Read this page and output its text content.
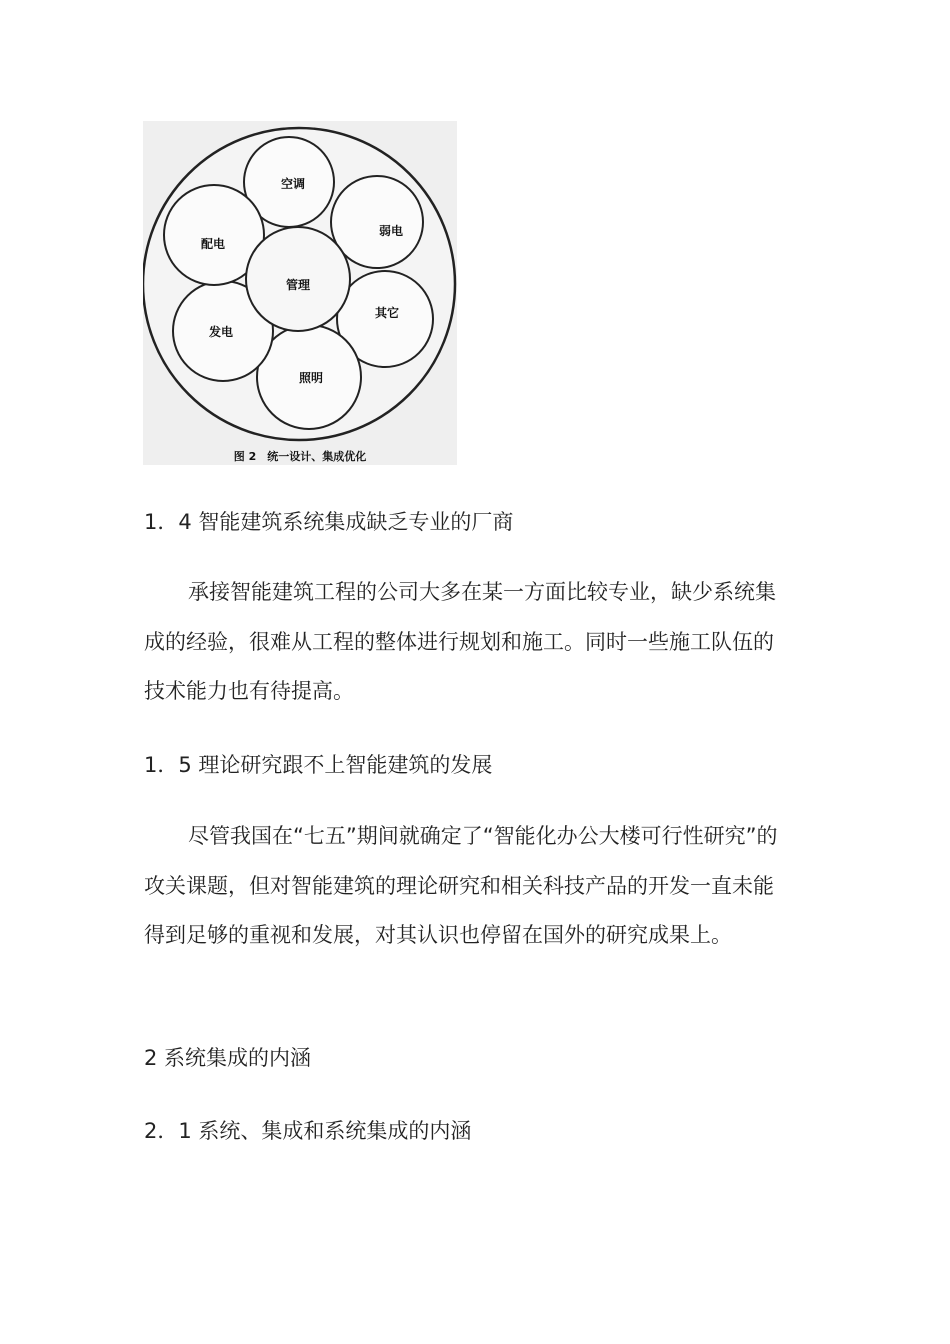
管理
空调
弱电
其它
照明
发电
配电
图 2　统一设计、集成优化

1．4 智能建筑系统集成缺乏专业的厂商

承接智能建筑工程的公司大多在某一方面比较专业，缺少系统集成的经验，很难从工程的整体进行规划和施工。同时一些施工队伍的技术能力也有待提高。

1．5 理论研究跟不上智能建筑的发展

尽管我国在“七五”期间就确定了“智能化办公大楼可行性研究”的攻关课题，但对智能建筑的理论研究和相关科技产品的开发一直未能得到足够的重视和发展，对其认识也停留在国外的研究成果上。

2 系统集成的内涵

2．1 系统、集成和系统集成的内涵
